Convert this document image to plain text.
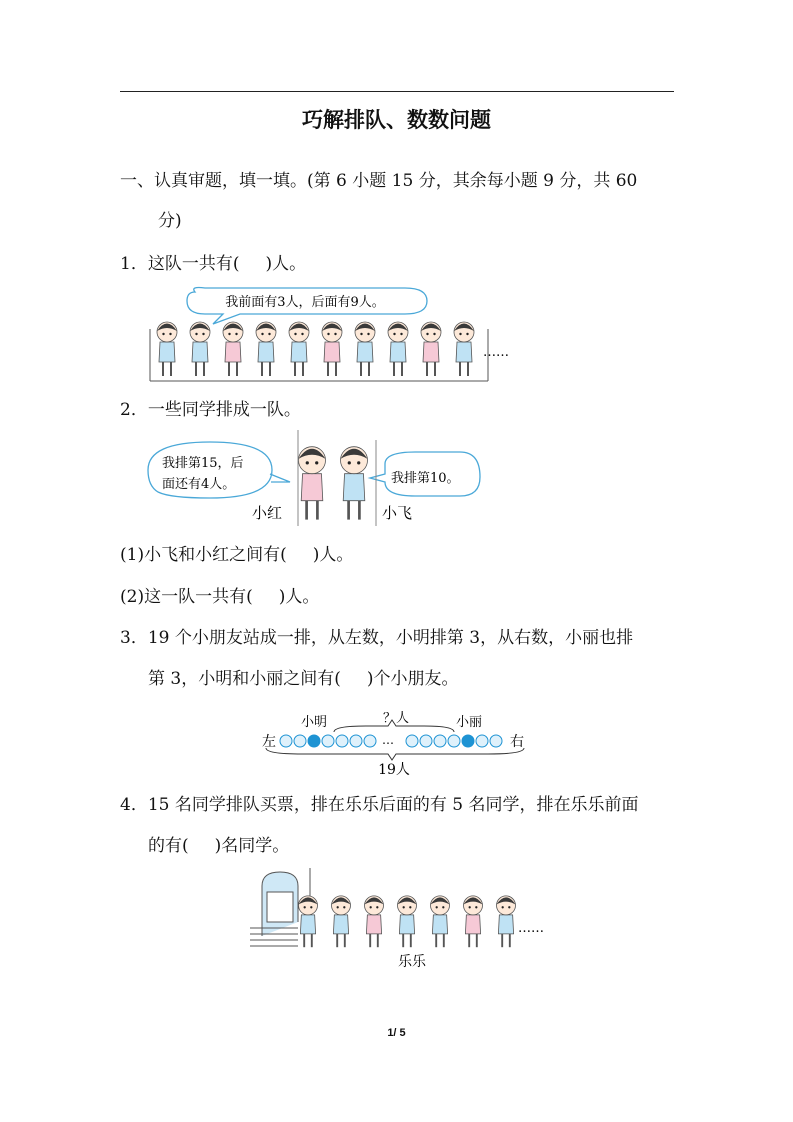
巧解排队、数数问题
一、认真审题，填一填。(第 6 小题 15 分，其余每小题 9 分，共 60
分)
1．这队一共有( )人。
我前面有3人，后面有9人。
……
2．一些同学排成一队。
我排第15，后
面还有4人。	我排第10。
小红	小飞
(1)小飞和小红之间有( )人。
(2)这一队一共有( )人。
3．19 个小朋友站成一排，从左数，小明排第 3，从右数，小丽也排
第 3，小明和小丽之间有( )个小朋友。
小明	小丽
？人
左	右
…
19人
4．15 名同学排队买票，排在乐乐后面的有 5 名同学，排在乐乐前面
的有( )名同学。
……
乐乐
1/ 5
